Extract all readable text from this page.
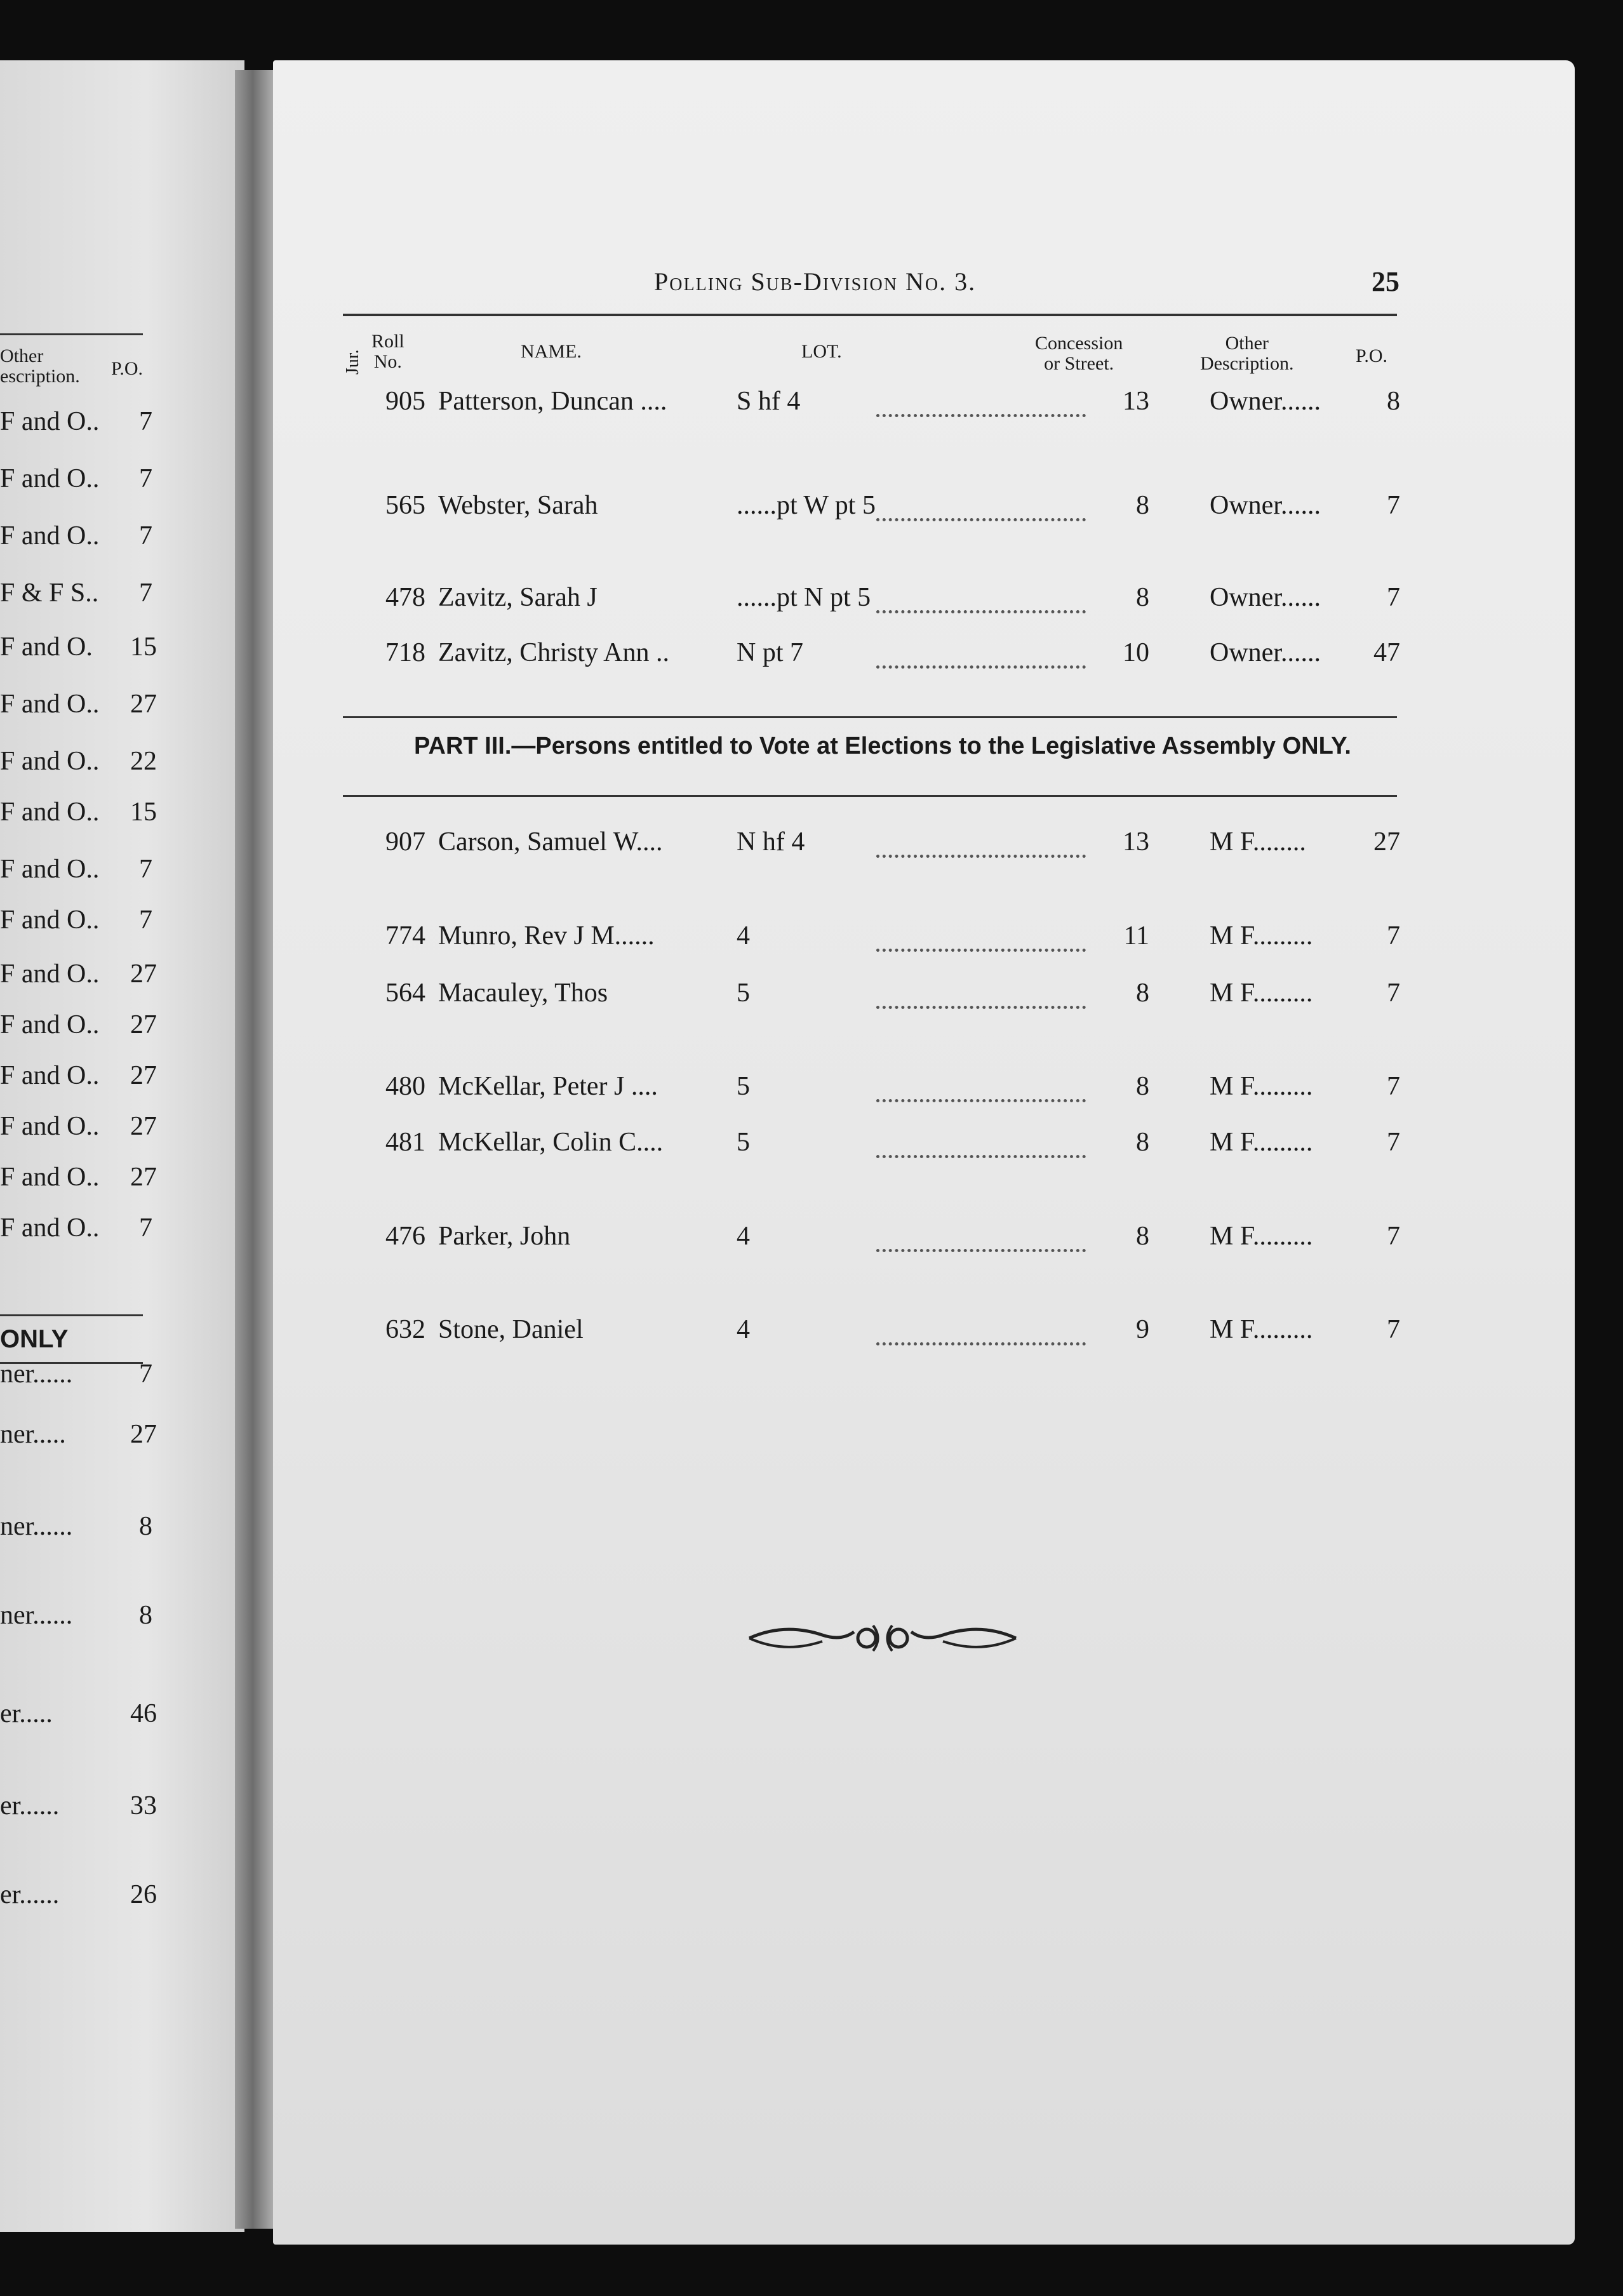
Other
escription. P.O.
F and O..	7
F and O..	7
F and O..	7
F & F S..	7
F and O. 15
F and O.. 27
F and O.. 22
F and O.. 15
F and O..	7
F and O..	7
F and O.. 27
F and O.. 27
F and O.. 27
F and O.. 27
F and O.. 27
F and O..	7
ONLY
ner......	7
ner..... 27
ner......	8
ner......	8
er.....	46
er......	33
er......	26
Polling Sub-Division No. 3.	25
Jur.
Roll
No.	NAME.	LOT.	Concession
or Street.
Other
Description.	P.O.
905 Patterson, Duncan ....	S hf 4	13 Owner......	8
565 Webster, Sarah	......pt W pt 5	8 Owner......	7
478 Zavitz, Sarah J	......pt N pt 5	8 Owner......	7
718 Zavitz, Christy Ann ..	N pt 7	10 Owner...... 47
PART III.—Persons entitled to Vote at Elections to the Legislative Assembly ONLY.
907 Carson, Samuel W....	N hf 4	13 M F........	27
774 Munro, Rev J M......	4	11 M F.........	7
564 Macauley, Thos	5	8 M F.........	7
480 McKellar, Peter J ....	5	8 M F.........	7
481 McKellar, Colin C....	5	8 M F.........	7
476 Parker, John	4	8 M F.........	7
632 Stone, Daniel	4	9 M F.........	7
